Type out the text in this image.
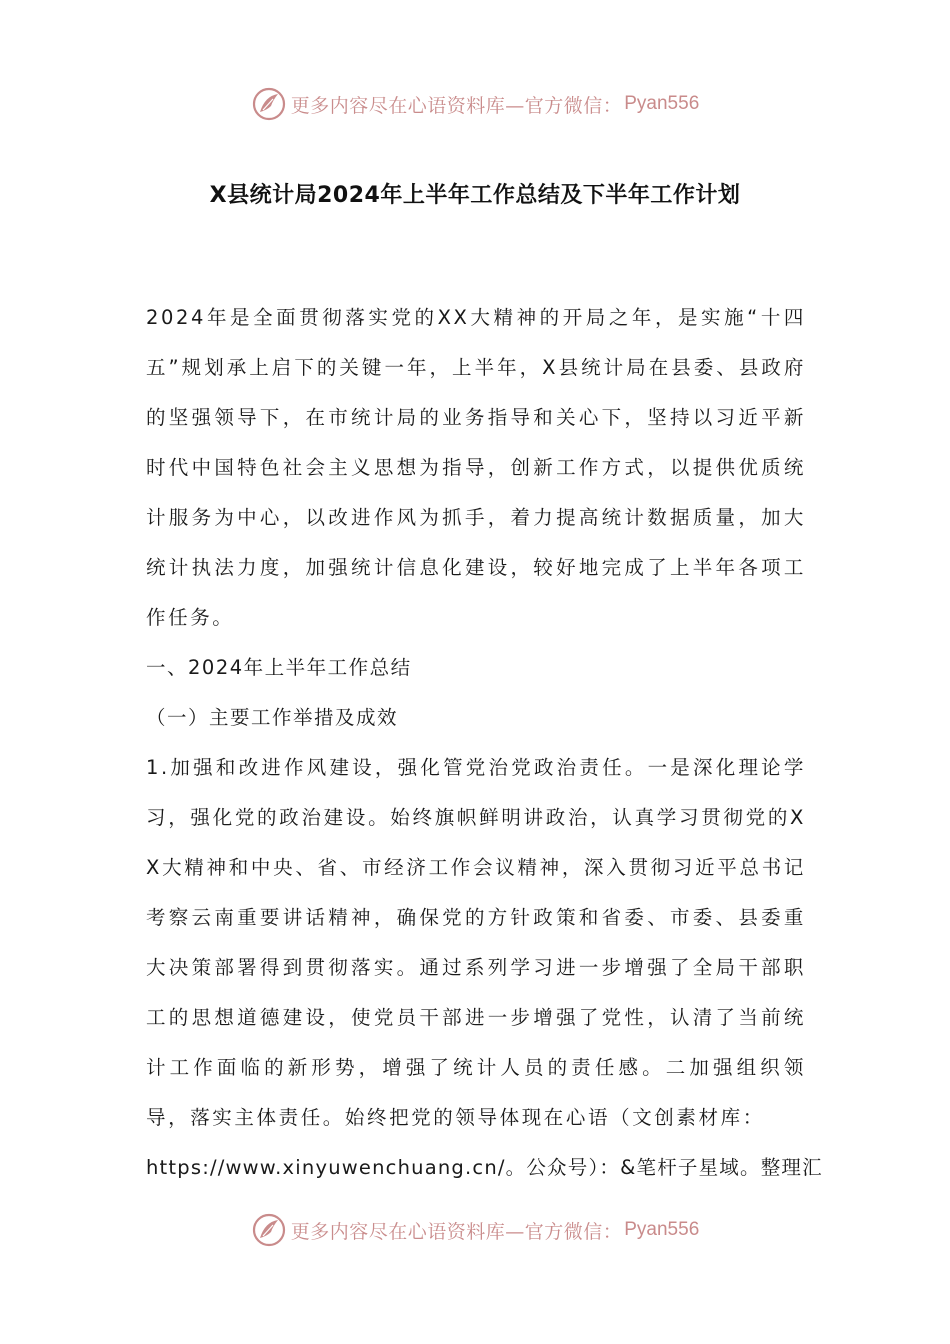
更多内容尽在心语资料库—官方微信： Pyan556
X县统计局2024年上半年工作总结及下半年工作计划

2024年是全面贯彻落实党的XX大精神的开局之年，是实施“十四五”规划承上启下的关键一年，上半年，X县统计局在县委、县政府的坚强领导下，在市统计局的业务指导和关心下，坚持以习近平新时代中国特色社会主义思想为指导，创新工作方式，以提供优质统计服务为中心，以改进作风为抓手，着力提高统计数据质量，加大统计执法力度，加强统计信息化建设，较好地完成了上半年各项工作任务。

一、2024年上半年工作总结

（一）主要工作举措及成效

1.加强和改进作风建设，强化管党治党政治责任。一是深化理论学习，强化党的政治建设。始终旗帜鲜明讲政治，认真学习贯彻党的XX大精神和中央、省、市经济工作会议精神，深入贯彻习近平总书记考察云南重要讲话精神，确保党的方针政策和省委、市委、县委重大决策部署得到贯彻落实。通过系列学习进一步增强了全局干部职工的思想道德建设，使党员干部进一步增强了党性，认清了当前统计工作面临的新形势，增强了统计人员的责任感。二加强组织领导，落实主体责任。始终把党的领导体现在心语（文创素材库：

https://www.xinyuwenchuang.cn/。公众号）：&笔杆子星域。整理汇

更多内容尽在心语资料库—官方微信： Pyan556
